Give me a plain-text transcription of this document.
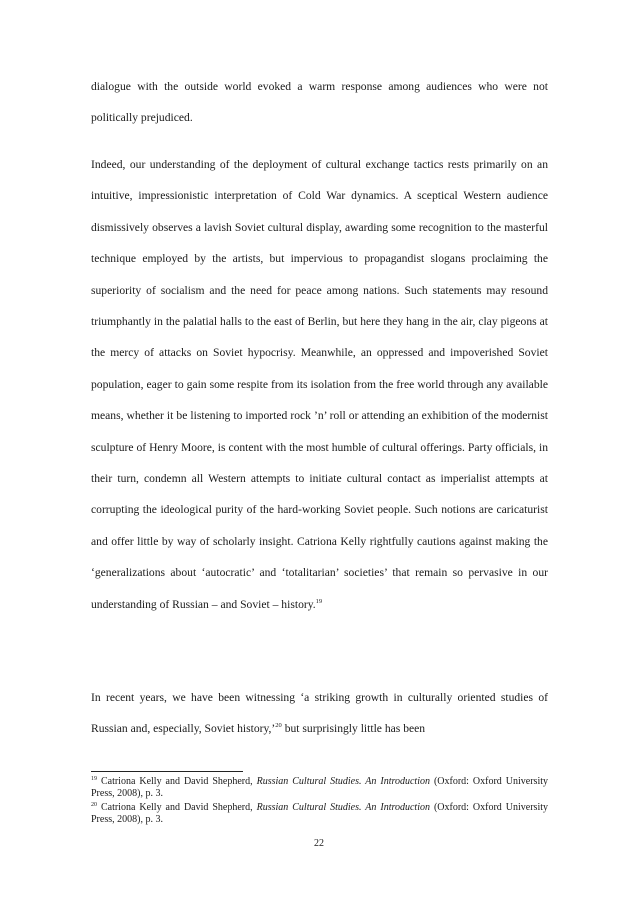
dialogue with the outside world evoked a warm response among audiences who were not politically prejudiced.

Indeed, our understanding of the deployment of cultural exchange tactics rests primarily on an intuitive, impressionistic interpretation of Cold War dynamics. A sceptical Western audience dismissively observes a lavish Soviet cultural display, awarding some recognition to the masterful technique employed by the artists, but impervious to propagandist slogans proclaiming the superiority of socialism and the need for peace among nations. Such statements may resound triumphantly in the palatial halls to the east of Berlin, but here they hang in the air, clay pigeons at the mercy of attacks on Soviet hypocrisy. Meanwhile, an oppressed and impoverished Soviet population, eager to gain some respite from its isolation from the free world through any available means, whether it be listening to imported rock ’n’ roll or attending an exhibition of the modernist sculpture of Henry Moore, is content with the most humble of cultural offerings. Party officials, in their turn, condemn all Western attempts to initiate cultural contact as imperialist attempts at corrupting the ideological purity of the hard-working Soviet people. Such notions are caricaturist and offer little by way of scholarly insight. Catriona Kelly rightfully cautions against making the ‘generalizations about ‘autocratic’ and ‘totalitarian’ societies’ that remain so pervasive in our understanding of Russian – and Soviet – history.$^{19}$

In recent years, we have been witnessing ‘a striking growth in culturally oriented studies of Russian and, especially, Soviet history,’$^{20}$ but surprisingly little has been

$^{19}$ Catriona Kelly and David Shepherd, Russian Cultural Studies. An Introduction (Oxford: Oxford University Press, 2008), p. 3.

$^{20}$ Catriona Kelly and David Shepherd, Russian Cultural Studies. An Introduction (Oxford: Oxford University Press, 2008), p. 3.

22
